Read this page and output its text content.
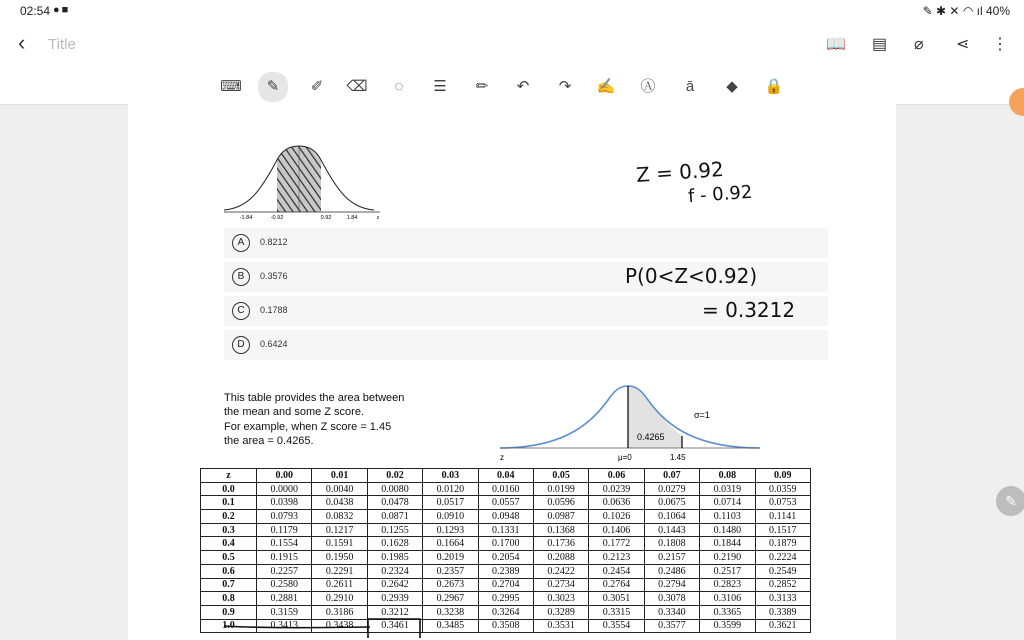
02:54 ●■	✎ ✱ ✕ ◠ ıl 40%
‹ Title	📖 ▤ ⌀ ⋖ ⋮
⌨	✎	✐	⌫	◌	☰	✏	↶	↷	✍	Ⓐ	ā	◆	🔒
-1.84	-0.92	0.92	1.84	z
A	0.8212
B	0.3576
C	0.1788
D	0.6424
Z = 0.92
f - 0.92
P(0<Z<0.92)
= 0.3212
This table provides the area between
the mean and some Z score.
For example, when Z score = 1.45
the area = 0.4265.
σ=1
0.4265
z	μ=0	1.45
z	0.00	0.01	0.02	0.03	0.04	0.05	0.06	0.07	0.08	0.09
0.0	0.0000	0.0040	0.0080	0.0120	0.0160	0.0199	0.0239	0.0279	0.0319	0.0359
0.1	0.0398	0.0438	0.0478	0.0517	0.0557	0.0596	0.0636	0.0675	0.0714	0.0753
0.2	0.0793	0.0832	0.0871	0.0910	0.0948	0.0987	0.1026	0.1064	0.1103	0.1141
0.3	0.1179	0.1217	0.1255	0.1293	0.1331	0.1368	0.1406	0.1443	0.1480	0.1517
0.4	0.1554	0.1591	0.1628	0.1664	0.1700	0.1736	0.1772	0.1808	0.1844	0.1879
0.5	0.1915	0.1950	0.1985	0.2019	0.2054	0.2088	0.2123	0.2157	0.2190	0.2224
0.6	0.2257	0.2291	0.2324	0.2357	0.2389	0.2422	0.2454	0.2486	0.2517	0.2549
0.7	0.2580	0.2611	0.2642	0.2673	0.2704	0.2734	0.2764	0.2794	0.2823	0.2852
0.8	0.2881	0.2910	0.2939	0.2967	0.2995	0.3023	0.3051	0.3078	0.3106	0.3133
0.9	0.3159	0.3186	0.3212	0.3238	0.3264	0.3289	0.3315	0.3340	0.3365	0.3389
1.0	0.3413	0.3438	0.3461	0.3485	0.3508	0.3531	0.3554	0.3577	0.3599	0.3621
✎
